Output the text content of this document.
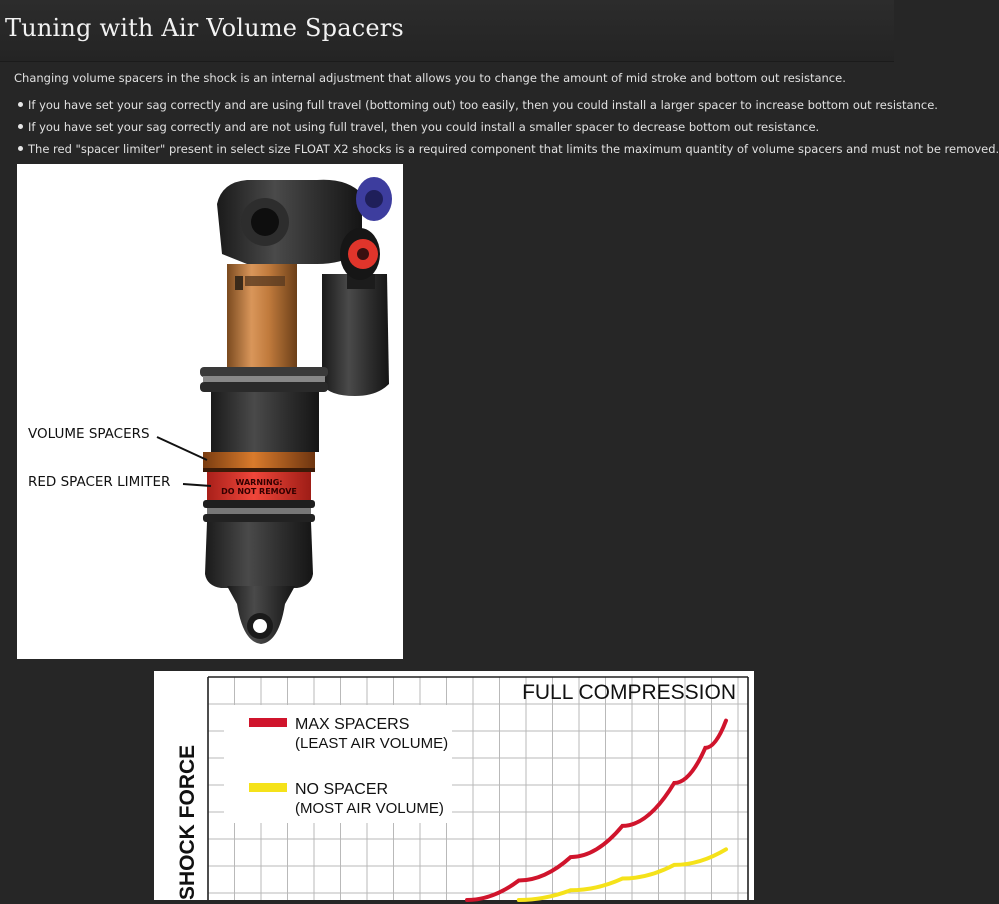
Tuning with Air Volume Spacers

Changing volume spacers in the shock is an internal adjustment that allows you to change the amount of mid stroke and bottom out resistance.

If you have set your sag correctly and are using full travel (bottoming out) too easily, then you could install a larger spacer to increase bottom out resistance.
If you have set your sag correctly and are not using full travel, then you could install a smaller spacer to decrease bottom out resistance.
The red "spacer limiter" present in select size FLOAT X2 shocks is a required component that limits the maximum quantity of volume spacers and must not be removed.
WARNING:
DO NOT REMOVE
VOLUME SPACERS
RED SPACER LIMITER
FULL COMPRESSION
SHOCK FORCE
MAX SPACERS
(LEAST AIR VOLUME)
NO SPACER
(MOST AIR VOLUME)
